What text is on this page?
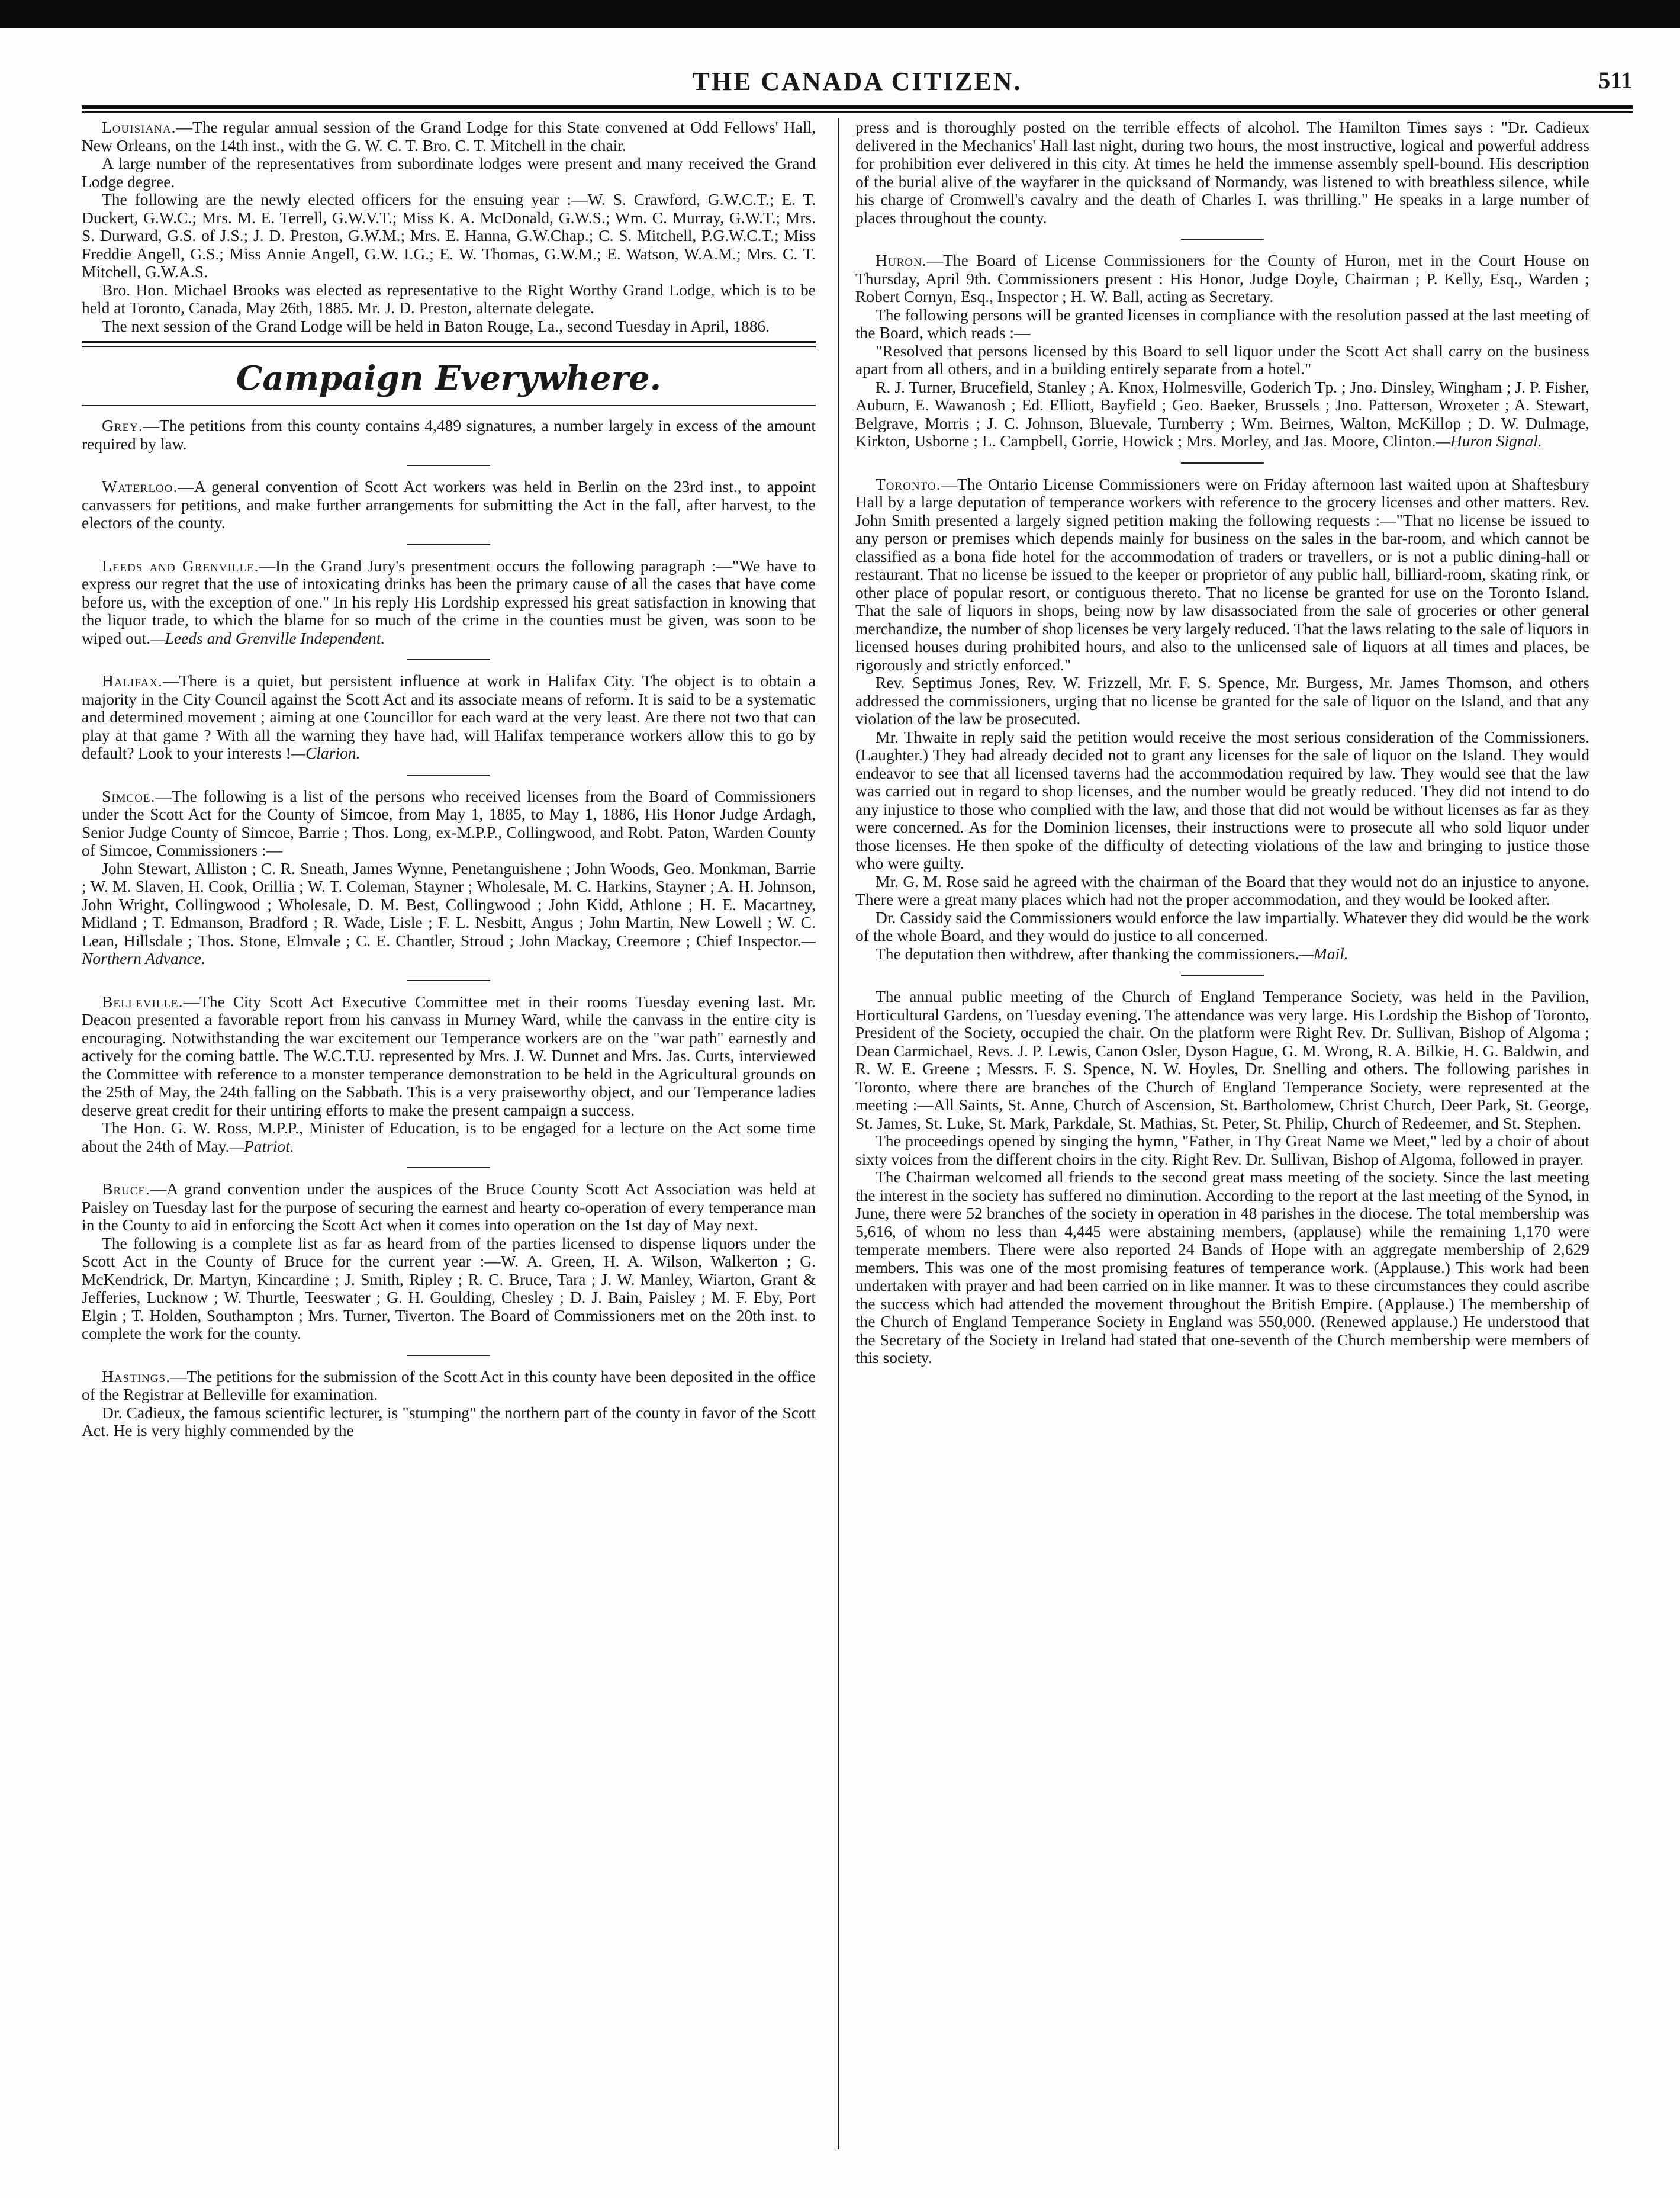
THE CANADA CITIZEN.	511

Louisiana.—The regular annual session of the Grand Lodge for this State convened at Odd Fellows' Hall, New Orleans, on the 14th inst., with the G. W. C. T. Bro. C. T. Mitchell in the chair.

A large number of the representatives from subordinate lodges were present and many received the Grand Lodge degree.

The following are the newly elected officers for the ensuing year :—W. S. Crawford, G.W.C.T.; E. T. Duckert, G.W.C.; Mrs. M. E. Terrell, G.W.V.T.; Miss K. A. McDonald, G.W.S.; Wm. C. Murray, G.W.T.; Mrs. S. Durward, G.S. of J.S.; J. D. Preston, G.W.M.; Mrs. E. Hanna, G.W.Chap.; C. S. Mitchell, P.G.W.C.T.; Miss Freddie Angell, G.S.; Miss Annie Angell, G.W. I.G.; E. W. Thomas, G.W.M.; E. Watson, W.A.M.; Mrs. C. T. Mitchell, G.W.A.S.

Bro. Hon. Michael Brooks was elected as representative to the Right Worthy Grand Lodge, which is to be held at Toronto, Canada, May 26th, 1885. Mr. J. D. Preston, alternate delegate.

The next session of the Grand Lodge will be held in Baton Rouge, La., second Tuesday in April, 1886.

Campaign Everywhere.

Grey.—The petitions from this county contains 4,489 signatures, a number largely in excess of the amount required by law.

Waterloo.—A general convention of Scott Act workers was held in Berlin on the 23rd inst., to appoint canvassers for petitions, and make further arrangements for submitting the Act in the fall, after harvest, to the electors of the county.

Leeds and Grenville.—In the Grand Jury's presentment occurs the following paragraph :—"We have to express our regret that the use of intoxicating drinks has been the primary cause of all the cases that have come before us, with the exception of one." In his reply His Lordship expressed his great satisfaction in knowing that the liquor trade, to which the blame for so much of the crime in the counties must be given, was soon to be wiped out.—Leeds and Grenville Independent.

Halifax.—There is a quiet, but persistent influence at work in Halifax City. The object is to obtain a majority in the City Council against the Scott Act and its associate means of reform. It is said to be a systematic and determined movement ; aiming at one Councillor for each ward at the very least. Are there not two that can play at that game ? With all the warning they have had, will Halifax temperance workers allow this to go by default? Look to your interests !—Clarion.

Simcoe.—The following is a list of the persons who received licenses from the Board of Commissioners under the Scott Act for the County of Simcoe, from May 1, 1885, to May 1, 1886, His Honor Judge Ardagh, Senior Judge County of Simcoe, Barrie ; Thos. Long, ex-M.P.P., Collingwood, and Robt. Paton, Warden County of Simcoe, Commissioners :—

John Stewart, Alliston ; C. R. Sneath, James Wynne, Penetanguishene ; John Woods, Geo. Monkman, Barrie ; W. M. Slaven, H. Cook, Orillia ; W. T. Coleman, Stayner ; Wholesale, M. C. Harkins, Stayner ; A. H. Johnson, John Wright, Collingwood ; Wholesale, D. M. Best, Collingwood ; John Kidd, Athlone ; H. E. Macartney, Midland ; T. Edmanson, Bradford ; R. Wade, Lisle ; F. L. Nesbitt, Angus ; John Martin, New Lowell ; W. C. Lean, Hillsdale ; Thos. Stone, Elmvale ; C. E. Chantler, Stroud ; John Mackay, Creemore ; Chief Inspector.—Northern Advance.

Belleville.—The City Scott Act Executive Committee met in their rooms Tuesday evening last. Mr. Deacon presented a favorable report from his canvass in Murney Ward, while the canvass in the entire city is encouraging. Notwithstanding the war excitement our Temperance workers are on the "war path" earnestly and actively for the coming battle. The W.C.T.U. represented by Mrs. J. W. Dunnet and Mrs. Jas. Curts, interviewed the Committee with reference to a monster temperance demonstration to be held in the Agricultural grounds on the 25th of May, the 24th falling on the Sabbath. This is a very praiseworthy object, and our Temperance ladies deserve great credit for their untiring efforts to make the present campaign a success.

The Hon. G. W. Ross, M.P.P., Minister of Education, is to be engaged for a lecture on the Act some time about the 24th of May.—Patriot.

Bruce.—A grand convention under the auspices of the Bruce County Scott Act Association was held at Paisley on Tuesday last for the purpose of securing the earnest and hearty co-operation of every temperance man in the County to aid in enforcing the Scott Act when it comes into operation on the 1st day of May next.

The following is a complete list as far as heard from of the parties licensed to dispense liquors under the Scott Act in the County of Bruce for the current year :—W. A. Green, H. A. Wilson, Walkerton ; G. McKendrick, Dr. Martyn, Kincardine ; J. Smith, Ripley ; R. C. Bruce, Tara ; J. W. Manley, Wiarton, Grant & Jefferies, Lucknow ; W. Thurtle, Teeswater ; G. H. Goulding, Chesley ; D. J. Bain, Paisley ; M. F. Eby, Port Elgin ; T. Holden, Southampton ; Mrs. Turner, Tiverton. The Board of Commissioners met on the 20th inst. to complete the work for the county.

Hastings.—The petitions for the submission of the Scott Act in this county have been deposited in the office of the Registrar at Belleville for examination.

Dr. Cadieux, the famous scientific lecturer, is "stumping" the northern part of the county in favor of the Scott Act. He is very highly commended by the

press and is thoroughly posted on the terrible effects of alcohol. The Hamilton Times says : "Dr. Cadieux delivered in the Mechanics' Hall last night, during two hours, the most instructive, logical and powerful address for prohibition ever delivered in this city. At times he held the immense assembly spell-bound. His description of the burial alive of the wayfarer in the quicksand of Normandy, was listened to with breathless silence, while his charge of Cromwell's cavalry and the death of Charles I. was thrilling." He speaks in a large number of places throughout the county.

Huron.—The Board of License Commissioners for the County of Huron, met in the Court House on Thursday, April 9th. Commissioners present : His Honor, Judge Doyle, Chairman ; P. Kelly, Esq., Warden ; Robert Cornyn, Esq., Inspector ; H. W. Ball, acting as Secretary.

The following persons will be granted licenses in compliance with the resolution passed at the last meeting of the Board, which reads :—

"Resolved that persons licensed by this Board to sell liquor under the Scott Act shall carry on the business apart from all others, and in a building entirely separate from a hotel."

R. J. Turner, Brucefield, Stanley ; A. Knox, Holmesville, Goderich Tp. ; Jno. Dinsley, Wingham ; J. P. Fisher, Auburn, E. Wawanosh ; Ed. Elliott, Bayfield ; Geo. Baeker, Brussels ; Jno. Patterson, Wroxeter ; A. Stewart, Belgrave, Morris ; J. C. Johnson, Bluevale, Turnberry ; Wm. Beirnes, Walton, McKillop ; D. W. Dulmage, Kirkton, Usborne ; L. Campbell, Gorrie, Howick ; Mrs. Morley, and Jas. Moore, Clinton.—Huron Signal.

Toronto.—The Ontario License Commissioners were on Friday afternoon last waited upon at Shaftesbury Hall by a large deputation of temperance workers with reference to the grocery licenses and other matters. Rev. John Smith presented a largely signed petition making the following requests :—"That no license be issued to any person or premises which depends mainly for business on the sales in the bar-room, and which cannot be classified as a bona fide hotel for the accommodation of traders or travellers, or is not a public dining-hall or restaurant. That no license be issued to the keeper or proprietor of any public hall, billiard-room, skating rink, or other place of popular resort, or contiguous thereto. That no license be granted for use on the Toronto Island. That the sale of liquors in shops, being now by law disassociated from the sale of groceries or other general merchandize, the number of shop licenses be very largely reduced. That the laws relating to the sale of liquors in licensed houses during prohibited hours, and also to the unlicensed sale of liquors at all times and places, be rigorously and strictly enforced."

Rev. Septimus Jones, Rev. W. Frizzell, Mr. F. S. Spence, Mr. Burgess, Mr. James Thomson, and others addressed the commissioners, urging that no license be granted for the sale of liquor on the Island, and that any violation of the law be prosecuted.

Mr. Thwaite in reply said the petition would receive the most serious consideration of the Commissioners. (Laughter.) They had already decided not to grant any licenses for the sale of liquor on the Island. They would endeavor to see that all licensed taverns had the accommodation required by law. They would see that the law was carried out in regard to shop licenses, and the number would be greatly reduced. They did not intend to do any injustice to those who complied with the law, and those that did not would be without licenses as far as they were concerned. As for the Dominion licenses, their instructions were to prosecute all who sold liquor under those licenses. He then spoke of the difficulty of detecting violations of the law and bringing to justice those who were guilty.

Mr. G. M. Rose said he agreed with the chairman of the Board that they would not do an injustice to anyone. There were a great many places which had not the proper accommodation, and they would be looked after.

Dr. Cassidy said the Commissioners would enforce the law impartially. Whatever they did would be the work of the whole Board, and they would do justice to all concerned.

The deputation then withdrew, after thanking the commissioners.—Mail.

The annual public meeting of the Church of England Temperance Society, was held in the Pavilion, Horticultural Gardens, on Tuesday evening. The attendance was very large. His Lordship the Bishop of Toronto, President of the Society, occupied the chair. On the platform were Right Rev. Dr. Sullivan, Bishop of Algoma ; Dean Carmichael, Revs. J. P. Lewis, Canon Osler, Dyson Hague, G. M. Wrong, R. A. Bilkie, H. G. Baldwin, and R. W. E. Greene ; Messrs. F. S. Spence, N. W. Hoyles, Dr. Snelling and others. The following parishes in Toronto, where there are branches of the Church of England Temperance Society, were represented at the meeting :—All Saints, St. Anne, Church of Ascension, St. Bartholomew, Christ Church, Deer Park, St. George, St. James, St. Luke, St. Mark, Parkdale, St. Mathias, St. Peter, St. Philip, Church of Redeemer, and St. Stephen.

The proceedings opened by singing the hymn, "Father, in Thy Great Name we Meet," led by a choir of about sixty voices from the different choirs in the city. Right Rev. Dr. Sullivan, Bishop of Algoma, followed in prayer.

The Chairman welcomed all friends to the second great mass meeting of the society. Since the last meeting the interest in the society has suffered no diminution. According to the report at the last meeting of the Synod, in June, there were 52 branches of the society in operation in 48 parishes in the diocese. The total membership was 5,616, of whom no less than 4,445 were abstaining members, (applause) while the remaining 1,170 were temperate members. There were also reported 24 Bands of Hope with an aggregate membership of 2,629 members. This was one of the most promising features of temperance work. (Applause.) This work had been undertaken with prayer and had been carried on in like manner. It was to these circumstances they could ascribe the success which had attended the movement throughout the British Empire. (Applause.) The membership of the Church of England Temperance Society in England was 550,000. (Renewed applause.) He understood that the Secretary of the Society in Ireland had stated that one-seventh of the Church membership were members of this society.
